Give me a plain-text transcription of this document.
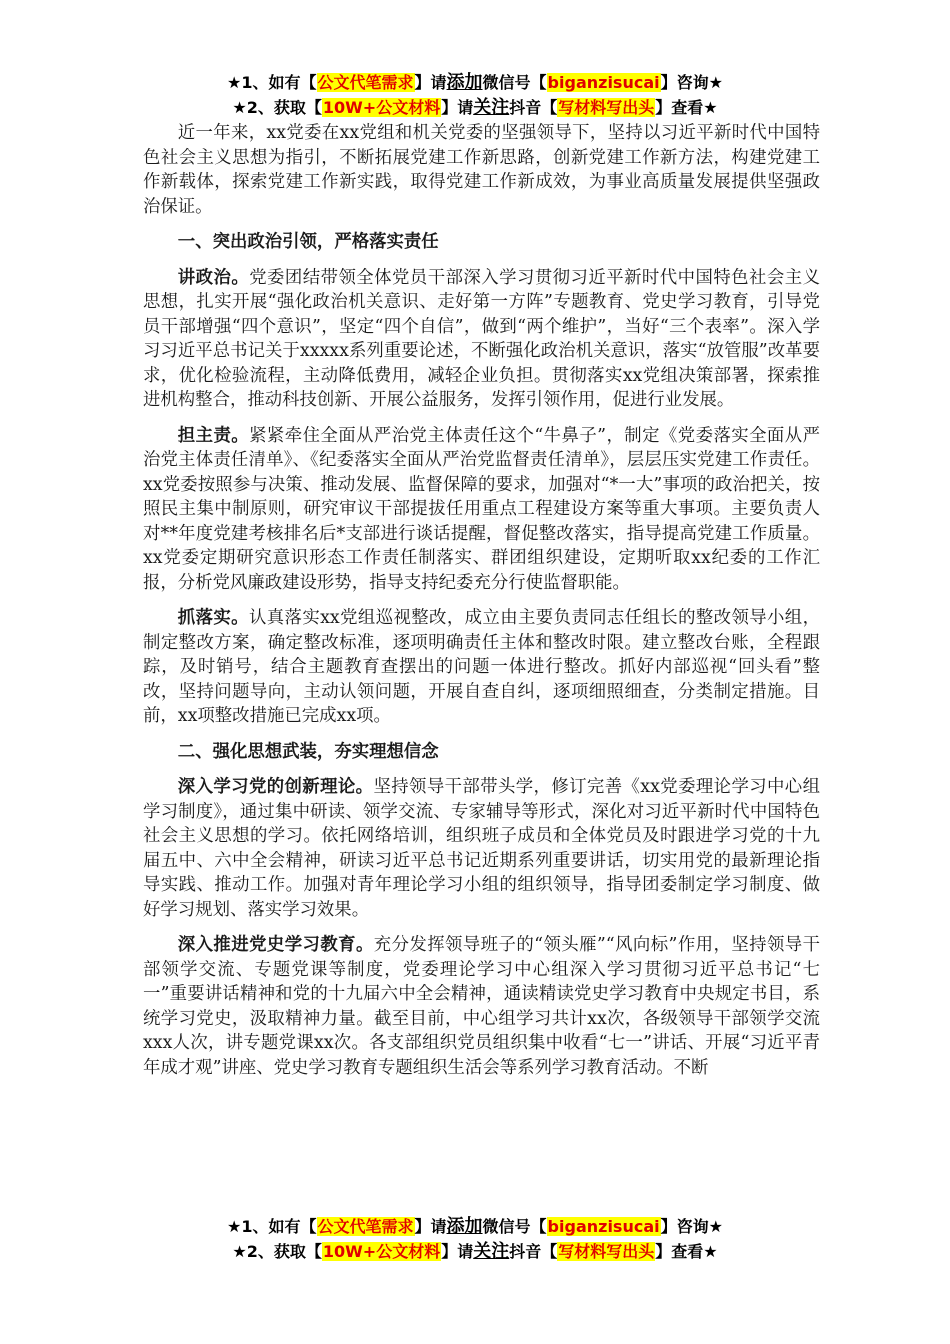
★1、如有【公文代笔需求】请添加微信号【biganzisucai】咨询★
★2、获取【10W+公文材料】请关注抖音【写材料写出头】查看★

近一年来，xx党委在xx党组和机关党委的坚强领导下，坚持以习近平新时代中国特色社会主义思想为指引，不断拓展党建工作新思路，创新党建工作新方法，构建党建工作新载体，探索党建工作新实践，取得党建工作新成效，为事业高质量发展提供坚强政治保证。

一、突出政治引领，严格落实责任

讲政治。党委团结带领全体党员干部深入学习贯彻习近平新时代中国特色社会主义思想，扎实开展“强化政治机关意识、走好第一方阵”专题教育、党史学习教育，引导党员干部增强“四个意识”，坚定“四个自信”，做到“两个维护”，当好“三个表率”。深入学习习近平总书记关于xxxxx系列重要论述，不断强化政治机关意识，落实“放管服”改革要求，优化检验流程，主动降低费用，减轻企业负担。贯彻落实xx党组决策部署，探索推进机构整合，推动科技创新、开展公益服务，发挥引领作用，促进行业发展。

担主责。紧紧牵住全面从严治党主体责任这个“牛鼻子”，制定《党委落实全面从严治党主体责任清单》、《纪委落实全面从严治党监督责任清单》，层层压实党建工作责任。xx党委按照参与决策、推动发展、监督保障的要求，加强对“*一大”事项的政治把关，按照民主集中制原则，研究审议干部提拔任用重点工程建设方案等重大事项。主要负责人对**年度党建考核排名后*支部进行谈话提醒，督促整改落实，指导提高党建工作质量。xx党委定期研究意识形态工作责任制落实、群团组织建设，定期听取xx纪委的工作汇报，分析党风廉政建设形势，指导支持纪委充分行使监督职能。

抓落实。认真落实xx党组巡视整改，成立由主要负责同志任组长的整改领导小组，制定整改方案，确定整改标准，逐项明确责任主体和整改时限。建立整改台账，全程跟踪，及时销号，结合主题教育查摆出的问题一体进行整改。抓好内部巡视“回头看”整改，坚持问题导向，主动认领问题，开展自查自纠，逐项细照细查，分类制定措施。目前，xx项整改措施已完成xx项。

二、强化思想武装，夯实理想信念

深入学习党的创新理论。坚持领导干部带头学，修订完善《xx党委理论学习中心组学习制度》，通过集中研读、领学交流、专家辅导等形式，深化对习近平新时代中国特色社会主义思想的学习。依托网络培训，组织班子成员和全体党员及时跟进学习党的十九届五中、六中全会精神，研读习近平总书记近期系列重要讲话，切实用党的最新理论指导实践、推动工作。加强对青年理论学习小组的组织领导，指导团委制定学习制度、做好学习规划、落实学习效果。

深入推进党史学习教育。充分发挥领导班子的“领头雁”“风向标”作用，坚持领导干部领学交流、专题党课等制度，党委理论学习中心组深入学习贯彻习近平总书记“七一”重要讲话精神和党的十九届六中全会精神，通读精读党史学习教育中央规定书目，系统学习党史，汲取精神力量。截至目前，中心组学习共计xx次，各级领导干部领学交流xxx人次，讲专题党课xx次。各支部组织党员组织集中收看“七一”讲话、开展“习近平青年成才观”讲座、党史学习教育专题组织生活会等系列学习教育活动。不断

★1、如有【公文代笔需求】请添加微信号【biganzisucai】咨询★
★2、获取【10W+公文材料】请关注抖音【写材料写出头】查看★
